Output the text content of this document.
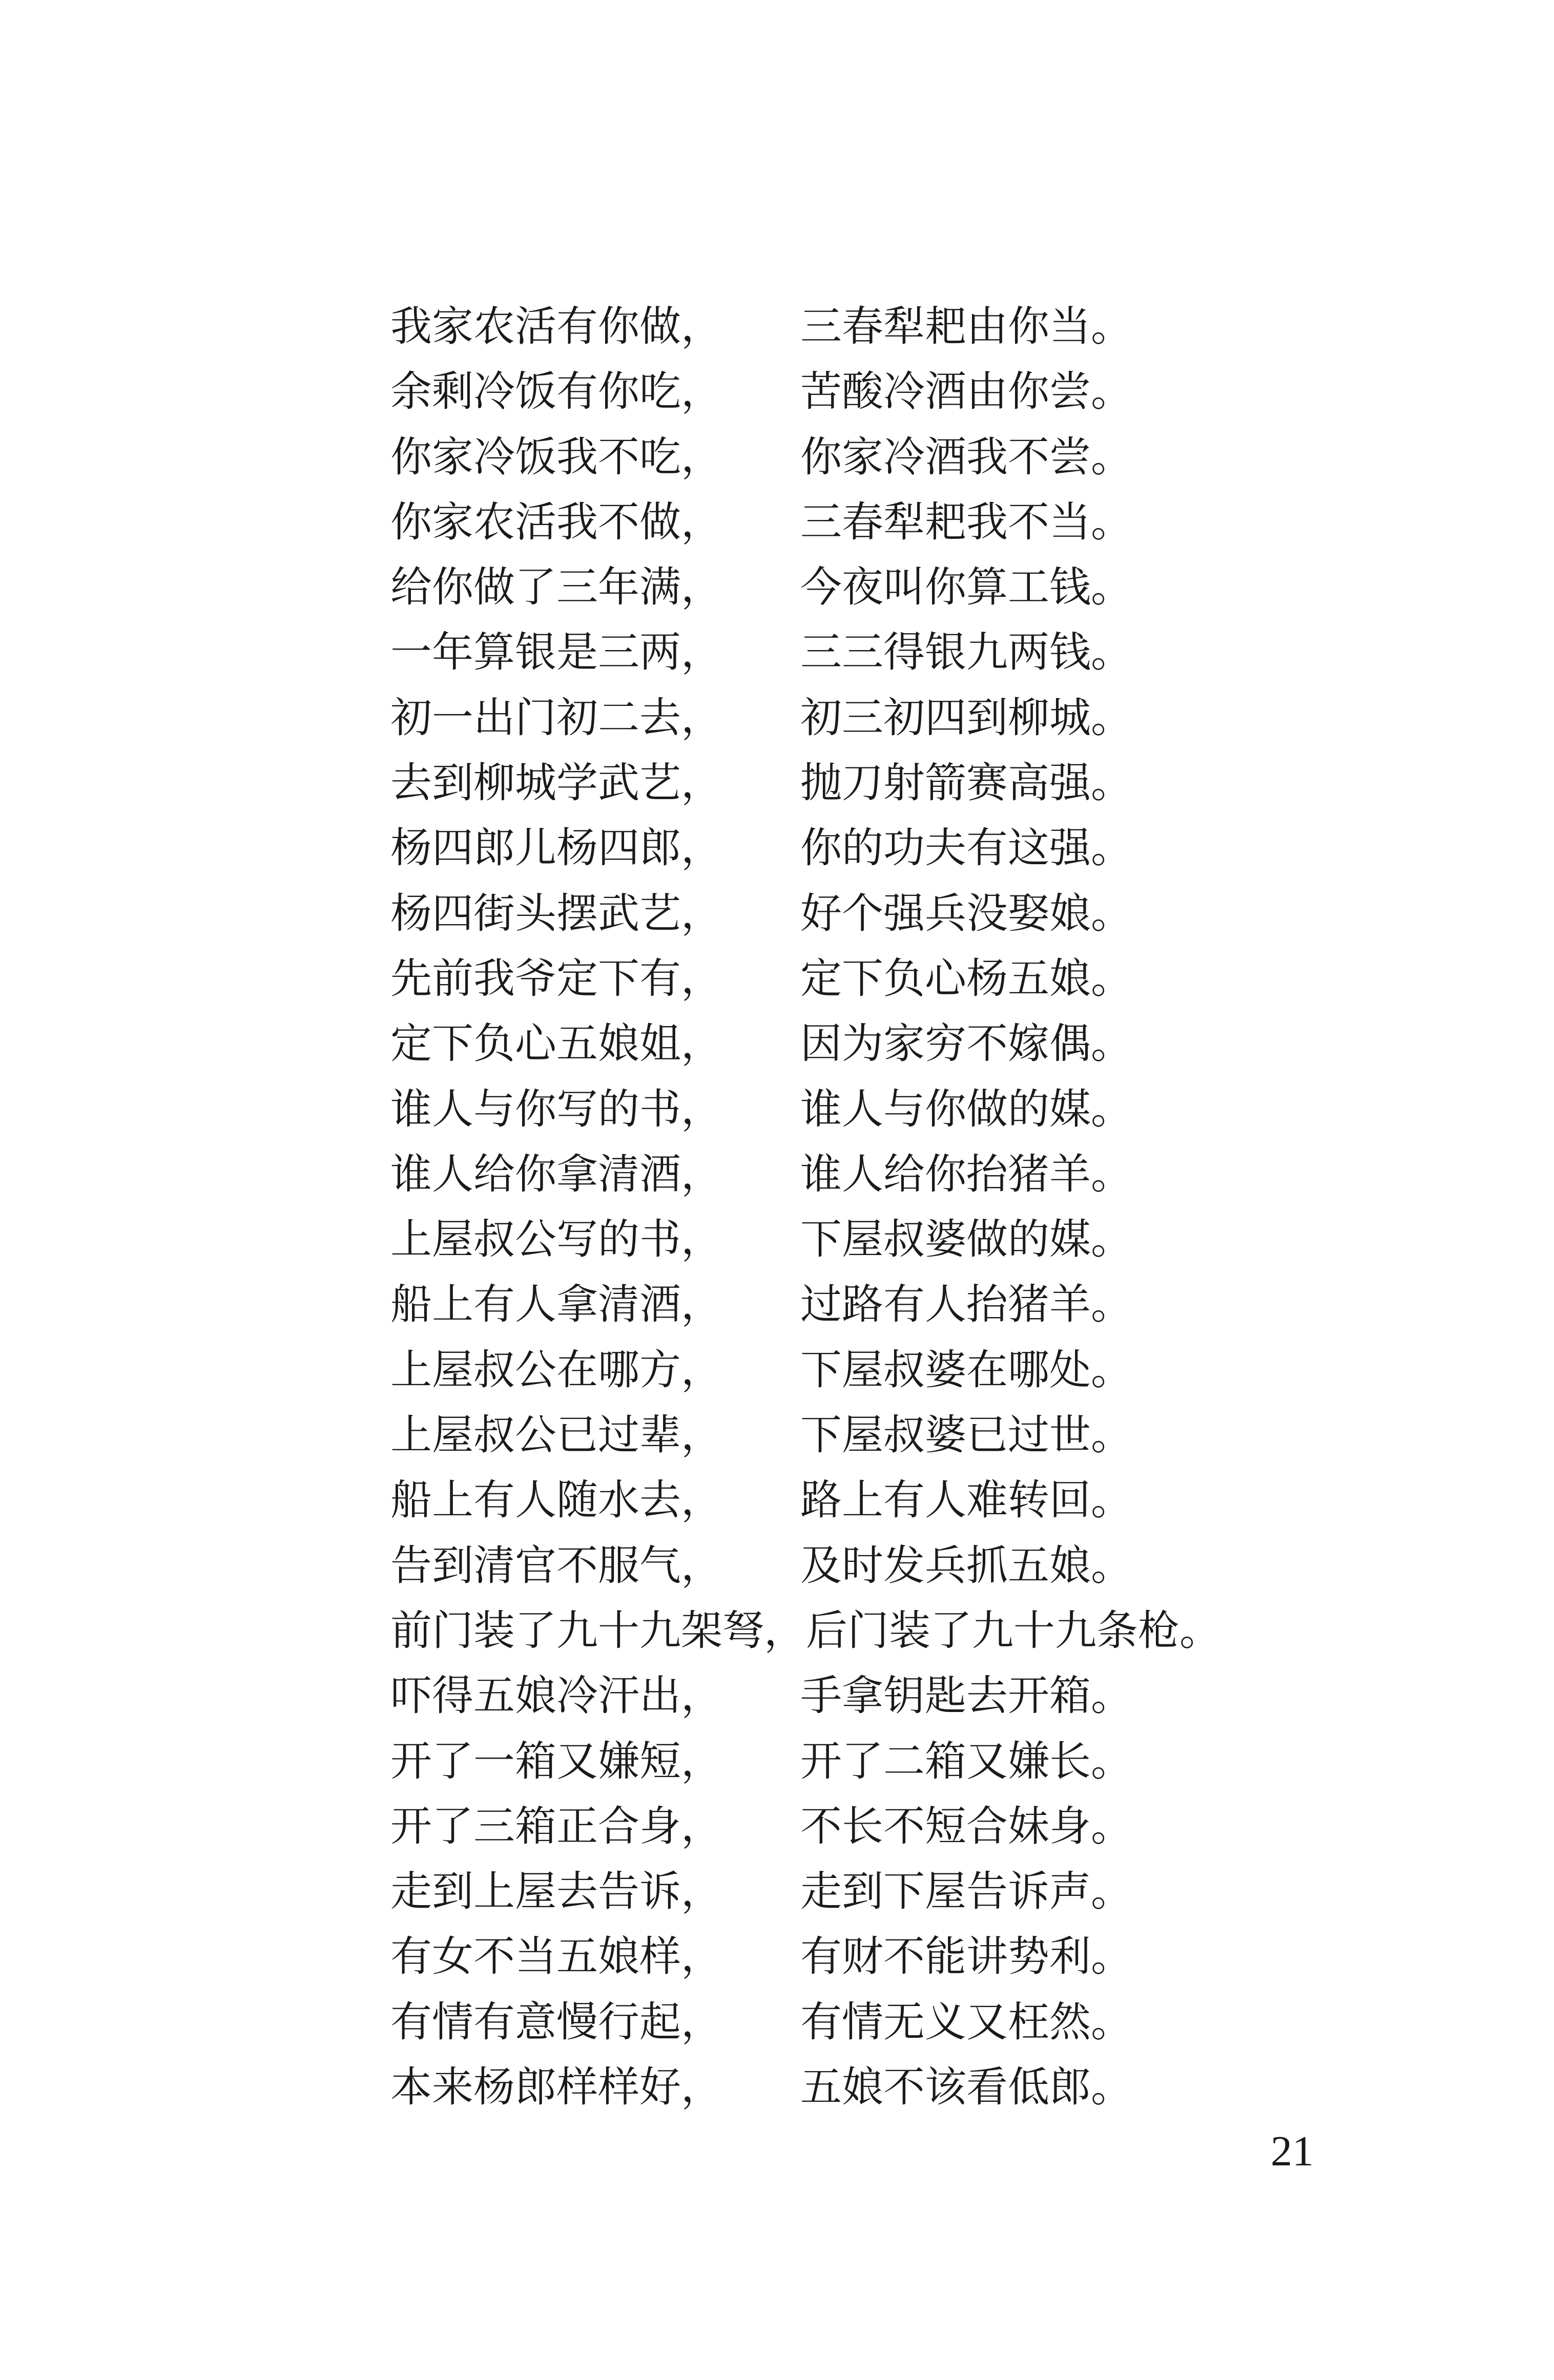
我家农活有你做， 三春犁耙由你当。
余剩冷饭有你吃， 苦酸冷酒由你尝。
你家冷饭我不吃， 你家冷酒我不尝。
你家农活我不做， 三春犁耙我不当。
给你做了三年满， 今夜叫你算工钱。
一年算银是三两， 三三得银九两钱。
初一出门初二去， 初三初四到柳城。
去到柳城学武艺， 抛刀射箭赛高强。
杨四郎儿杨四郎， 你的功夫有这强。
杨四街头摆武艺， 好个强兵没娶娘。
先前我爷定下有， 定下负心杨五娘。
定下负心五娘姐， 因为家穷不嫁偶。
谁人与你写的书， 谁人与你做的媒。
谁人给你拿清酒， 谁人给你抬猪羊。
上屋叔公写的书， 下屋叔婆做的媒。
船上有人拿清酒， 过路有人抬猪羊。
上屋叔公在哪方， 下屋叔婆在哪处。
上屋叔公已过辈， 下屋叔婆已过世。
船上有人随水去， 路上有人难转回。
告到清官不服气， 及时发兵抓五娘。
前门装了九十九架弩， 后门装了九十九条枪。
吓得五娘冷汗出， 手拿钥匙去开箱。
开了一箱又嫌短， 开了二箱又嫌长。
开了三箱正合身， 不长不短合妹身。
走到上屋去告诉， 走到下屋告诉声。
有女不当五娘样， 有财不能讲势利。
有情有意慢行起， 有情无义又枉然。
本来杨郎样样好， 五娘不该看低郎。
21
